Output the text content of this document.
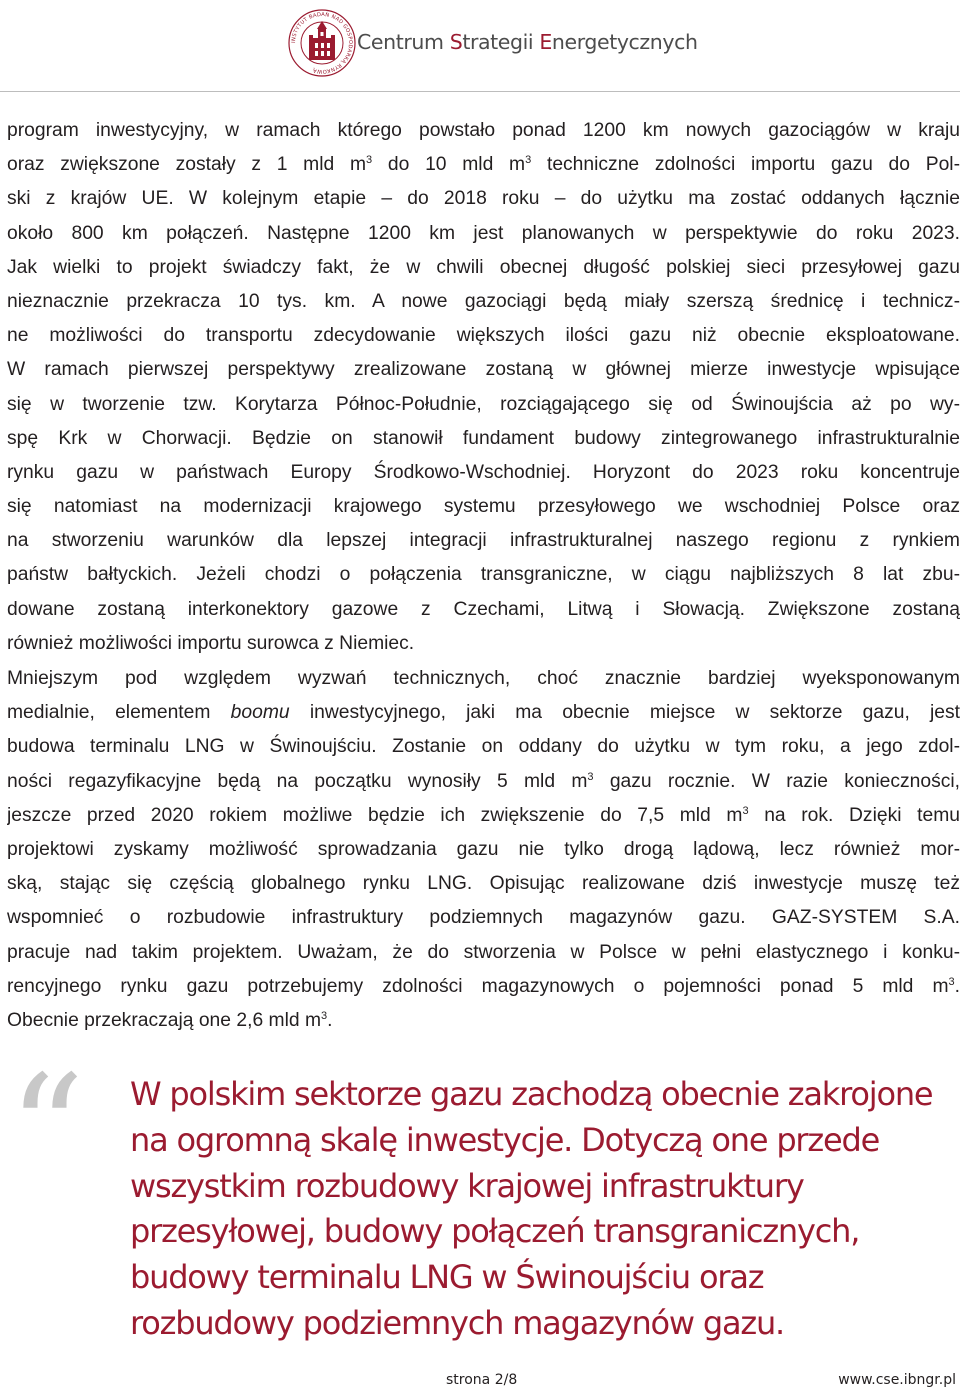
INSTYTUT BADAŃ NAD GOSPODARKĄ RYNKOWĄ
Centrum Strategii Energetycznych
program inwestycyjny, w ramach którego powstało ponad 1200 km nowych gazociągów w kraju
oraz zwiększone zostały z 1 mld $m^3$ do 10 mld $m^3$ techniczne zdolności importu gazu do Pol-
ski z krajów UE. W kolejnym etapie – do 2018 roku – do użytku ma zostać oddanych łącznie
około 800 km połączeń. Następne 1200 km jest planowanych w perspektywie do roku 2023.
Jak wielki to projekt świadczy fakt, że w chwili obecnej długość polskiej sieci przesyłowej gazu
nieznacznie przekracza 10 tys. km. A nowe gazociągi będą miały szerszą średnicę i technicz-
ne możliwości do transportu zdecydowanie większych ilości gazu niż obecnie eksploatowane.
W ramach pierwszej perspektywy zrealizowane zostaną w głównej mierze inwestycje wpisujące
się w tworzenie tzw. Korytarza Północ-Południe, rozciągającego się od Świnoujścia aż po wy-
spę Krk w Chorwacji. Będzie on stanowił fundament budowy zintegrowanego infrastrukturalnie
rynku gazu w państwach Europy Środkowo-Wschodniej. Horyzont do 2023 roku koncentruje
się natomiast na modernizacji krajowego systemu przesyłowego we wschodniej Polsce oraz
na stworzeniu warunków dla lepszej integracji infrastrukturalnej naszego regionu z rynkiem
państw bałtyckich. Jeżeli chodzi o połączenia transgraniczne, w ciągu najbliższych 8 lat zbu-
dowane zostaną interkonektory gazowe z Czechami, Litwą i Słowacją. Zwiększone zostaną
również możliwości importu surowca z Niemiec.
Mniejszym pod względem wyzwań technicznych, choć znacznie bardziej wyeksponowanym
medialnie, elementem boomu inwestycyjnego, jaki ma obecnie miejsce w sektorze gazu, jest
budowa terminalu LNG w Świnoujściu. Zostanie on oddany do użytku w tym roku, a jego zdol-
ności regazyfikacyjne będą na początku wynosiły 5 mld $m^3$ gazu rocznie. W razie konieczności,
jeszcze przed 2020 rokiem możliwe będzie ich zwiększenie do 7,5 mld $m^3$ na rok. Dzięki temu
projektowi zyskamy możliwość sprowadzania gazu nie tylko drogą lądową, lecz również mor-
ską, stając się częścią globalnego rynku LNG. Opisując realizowane dziś inwestycje muszę też
wspomnieć o rozbudowie infrastruktury podziemnych magazynów gazu. GAZ-SYSTEM S.A.
pracuje nad takim projektem. Uważam, że do stworzenia w Polsce w pełni elastycznego i konku-
rencyjnego rynku gazu potrzebujemy zdolności magazynowych o pojemności ponad 5 mld $m^3$.
Obecnie przekraczają one 2,6 mld $m^3$.
“ W polskim sektorze gazu zachodzą obecnie zakrojone
na ogromną skalę inwestycje. Dotyczą one przede
wszystkim rozbudowy krajowej infrastruktury
przesyłowej, budowy połączeń transgranicznych,
budowy terminalu LNG w Świnoujściu oraz
rozbudowy podziemnych magazynów gazu.
strona 2/8	www.cse.ibngr.pl
